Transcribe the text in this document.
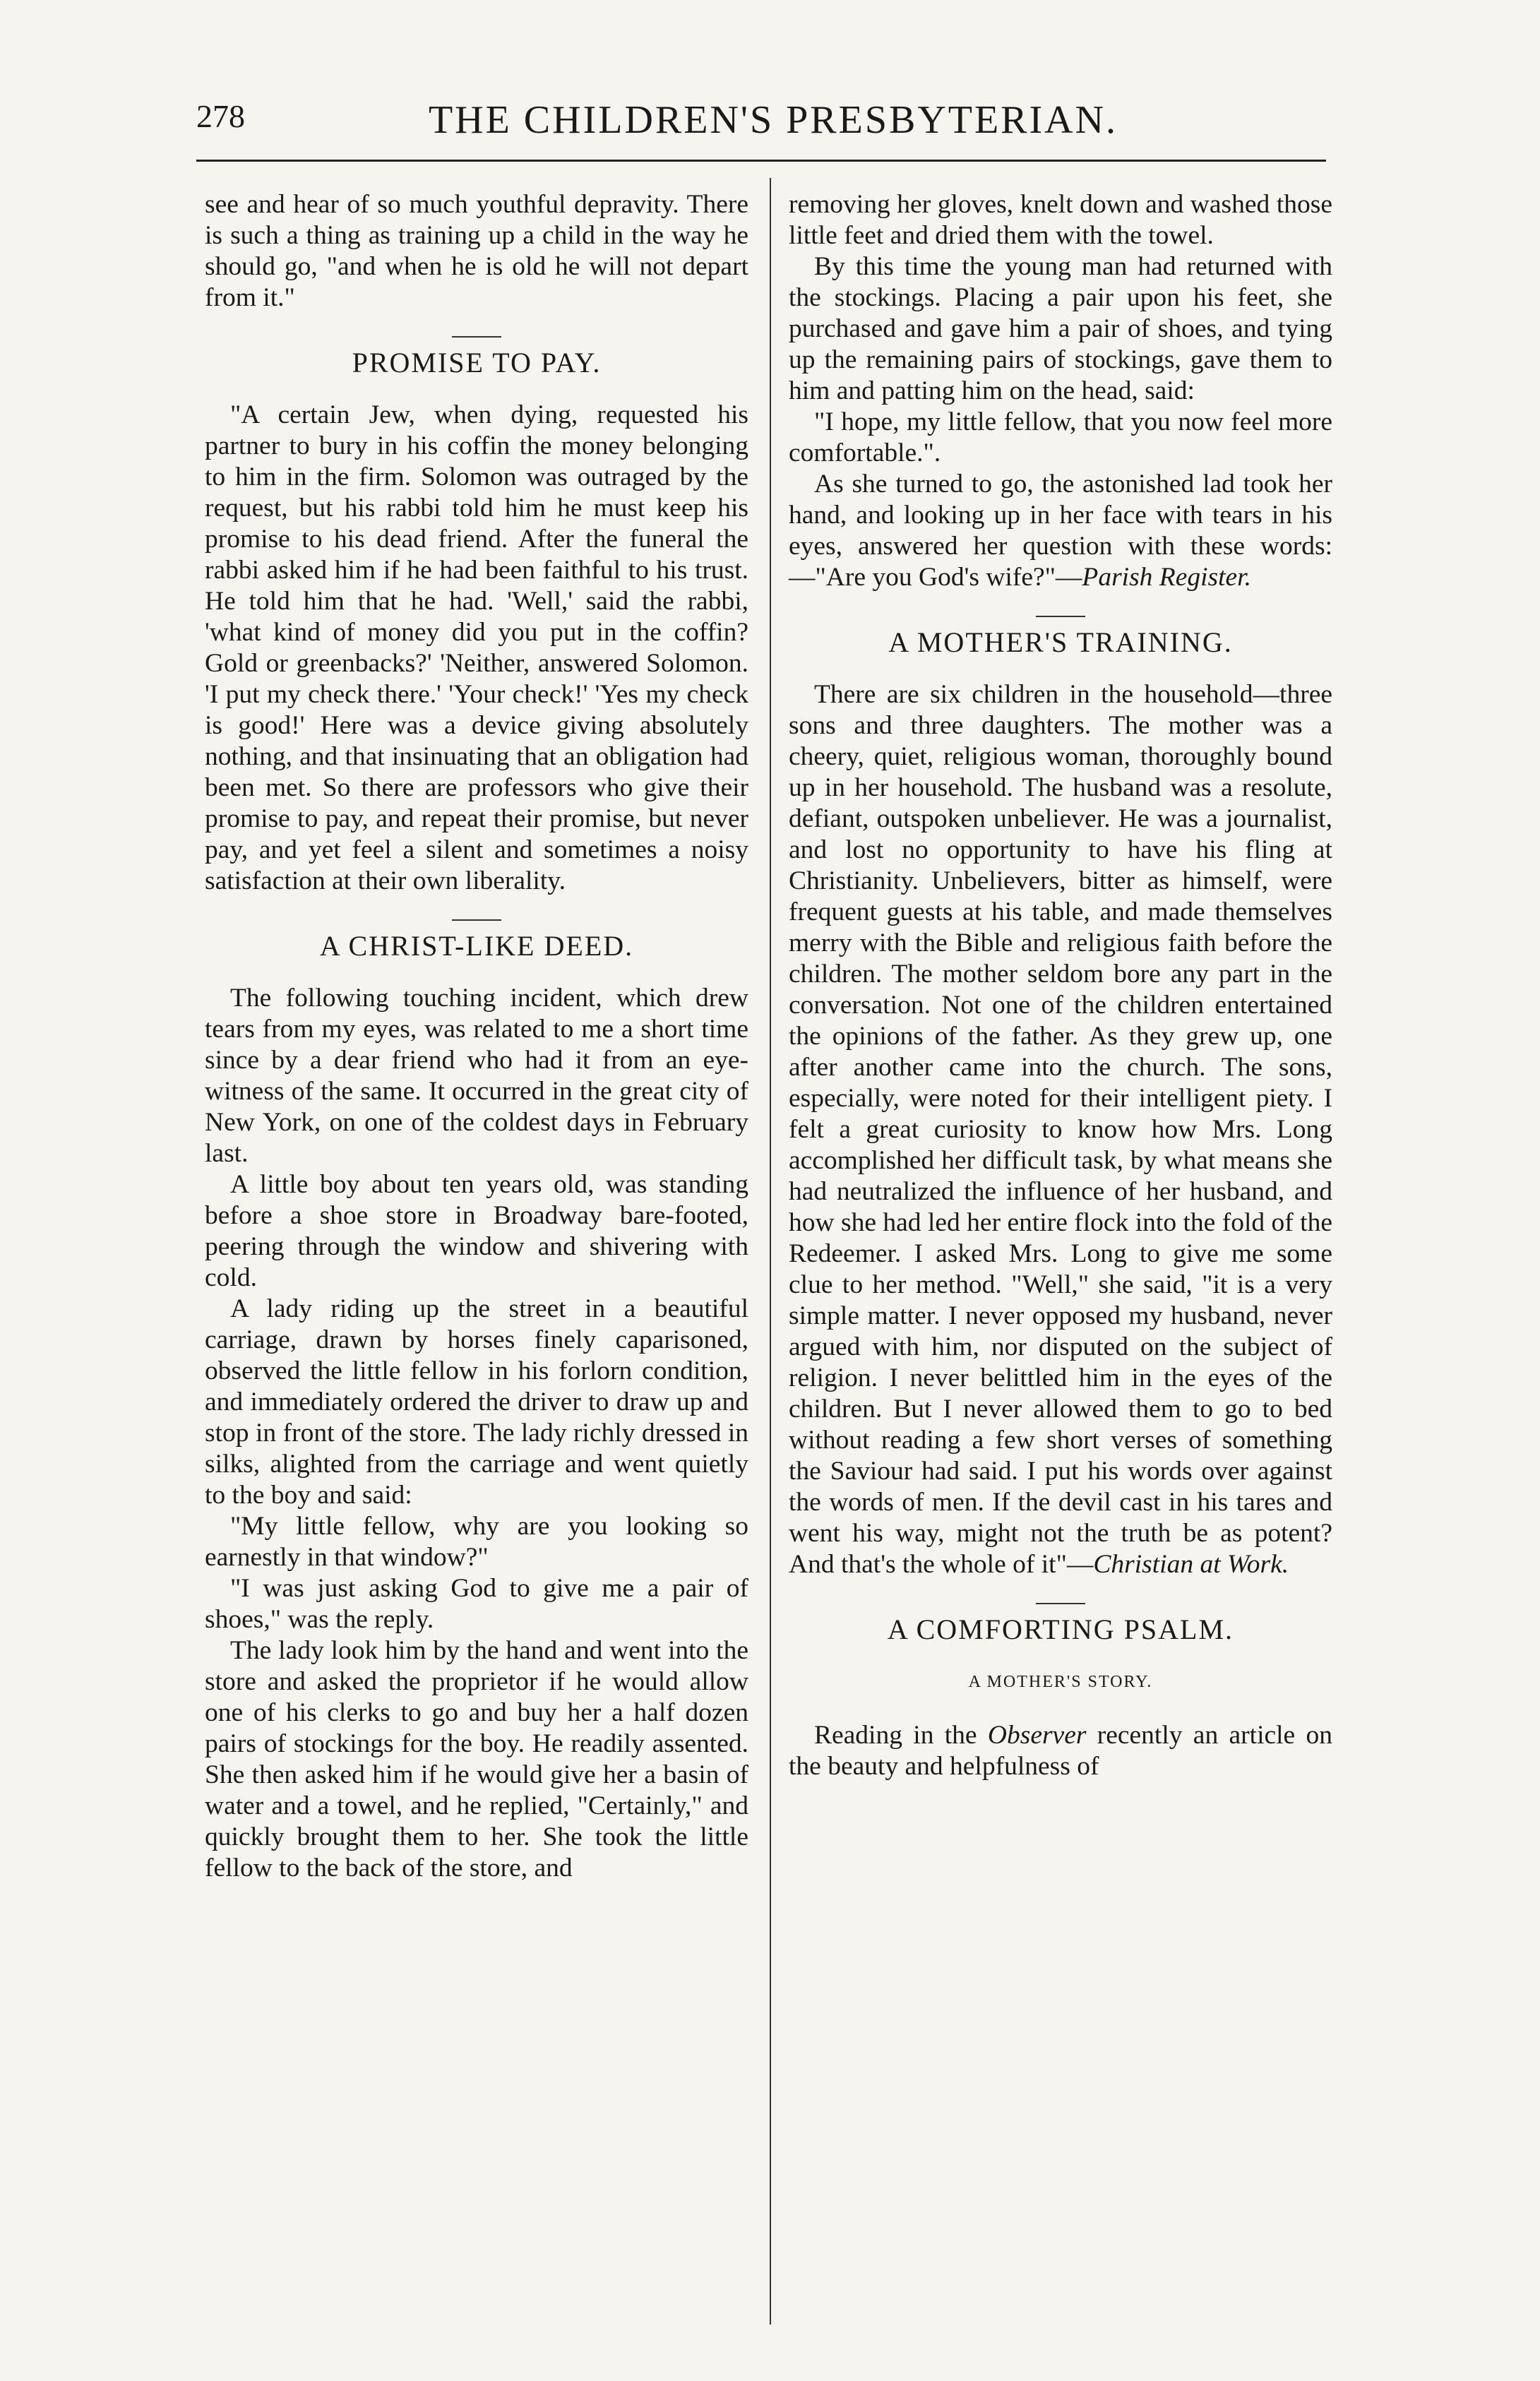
278	THE CHILDREN'S PRESBYTERIAN.

see and hear of so much youthful depravity. There is such a thing as training up a child in the way he should go, "and when he is old he will not depart from it."

PROMISE TO PAY.

"A certain Jew, when dying, requested his partner to bury in his coffin the money belonging to him in the firm. Solomon was outraged by the request, but his rabbi told him he must keep his promise to his dead friend. After the funeral the rabbi asked him if he had been faithful to his trust. He told him that he had. 'Well,' said the rabbi, 'what kind of money did you put in the coffin? Gold or greenbacks?' 'Neither, answered Solomon. 'I put my check there.' 'Your check!' 'Yes my check is good!' Here was a device giving absolutely nothing, and that insinuating that an obligation had been met. So there are professors who give their promise to pay, and repeat their promise, but never pay, and yet feel a silent and sometimes a noisy satisfaction at their own liberality.

A CHRIST-LIKE DEED.

The following touching incident, which drew tears from my eyes, was related to me a short time since by a dear friend who had it from an eye-witness of the same. It occurred in the great city of New York, on one of the coldest days in February last.

A little boy about ten years old, was standing before a shoe store in Broadway bare-footed, peering through the window and shivering with cold.

A lady riding up the street in a beautiful carriage, drawn by horses finely caparisoned, observed the little fellow in his forlorn condition, and immediately ordered the driver to draw up and stop in front of the store. The lady richly dressed in silks, alighted from the carriage and went quietly to the boy and said:

"My little fellow, why are you looking so earnestly in that window?"

"I was just asking God to give me a pair of shoes," was the reply.

The lady look him by the hand and went into the store and asked the proprietor if he would allow one of his clerks to go and buy her a half dozen pairs of stockings for the boy. He readily assented. She then asked him if he would give her a basin of water and a towel, and he replied, "Certainly," and quickly brought them to her. She took the little fellow to the back of the store, and

removing her gloves, knelt down and washed those little feet and dried them with the towel.

By this time the young man had returned with the stockings. Placing a pair upon his feet, she purchased and gave him a pair of shoes, and tying up the remaining pairs of stockings, gave them to him and patting him on the head, said:

"I hope, my little fellow, that you now feel more comfortable.".

As she turned to go, the astonished lad took her hand, and looking up in her face with tears in his eyes, answered her question with these words:—"Are you God's wife?"—Parish Register.

A MOTHER'S TRAINING.

There are six children in the household—three sons and three daughters. The mother was a cheery, quiet, religious woman, thoroughly bound up in her household. The husband was a resolute, defiant, outspoken unbeliever. He was a journalist, and lost no opportunity to have his fling at Christianity. Unbelievers, bitter as himself, were frequent guests at his table, and made themselves merry with the Bible and religious faith before the children. The mother seldom bore any part in the conversation. Not one of the children entertained the opinions of the father. As they grew up, one after another came into the church. The sons, especially, were noted for their intelligent piety. I felt a great curiosity to know how Mrs. Long accomplished her difficult task, by what means she had neutralized the influence of her husband, and how she had led her entire flock into the fold of the Redeemer. I asked Mrs. Long to give me some clue to her method. "Well," she said, "it is a very simple matter. I never opposed my husband, never argued with him, nor disputed on the subject of religion. I never belittled him in the eyes of the children. But I never allowed them to go to bed without reading a few short verses of something the Saviour had said. I put his words over against the words of men. If the devil cast in his tares and went his way, might not the truth be as potent? And that's the whole of it"—Christian at Work.

A COMFORTING PSALM.
A MOTHER'S STORY.

Reading in the Observer recently an article on the beauty and helpfulness of
